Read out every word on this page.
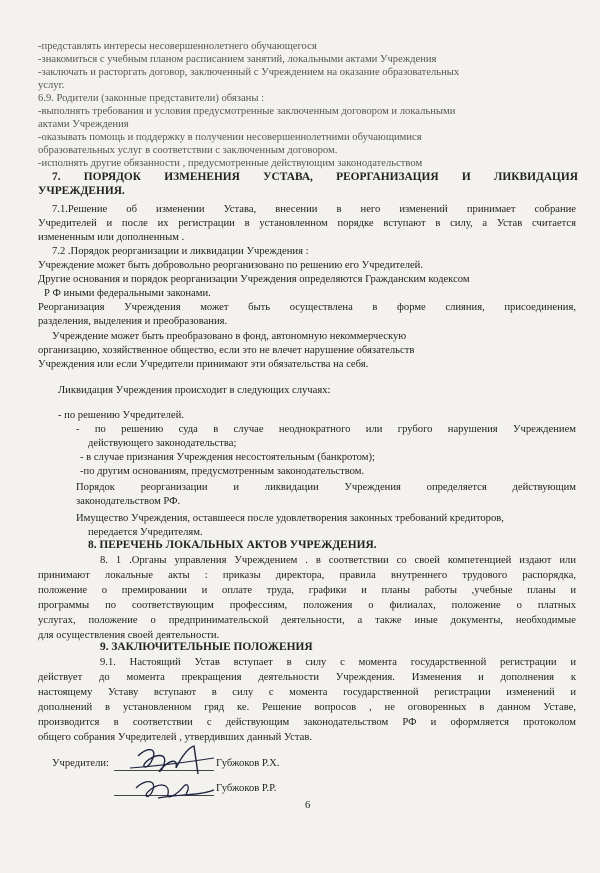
-представлять интересы несовершеннолетнего обучающегося
-знакомиться с учебным планом расписанием занятий, локальными актами Учреждения
-заключать и расторгать договор, заключенный с Учреждением на оказание образовательных
услуг.
6.9. Родители (законные представители) обязаны :
-выполнять требования и условия предусмотренные заключенным договором и локальными
актами Учреждения
-оказывать помощь и поддержку в получении несовершеннолетними обучающимися
образовательных услуг в соответствии с заключенным договором.
-исполнять другие обязанности , предусмотренные действующим законодательством
7. ПОРЯДОК ИЗМЕНЕНИЯ УСТАВА, РЕОРГАНИЗАЦИЯ И ЛИКВИДАЦИЯ
УЧРЕЖДЕНИЯ.
7.1.Решение об изменении Устава, внесении в него изменений принимает собрание
Учредителей и после их регистрации в установленном порядке вступают в силу, а Устав считается
измененным или дополненным .
7.2 .Порядок реорганизации и ликвидации Учреждения :
Учреждение может быть добровольно реорганизовано по решению его Учредителей.
Другие основания и порядок реорганизации Учреждения определяются Гражданским кодексом
Р Ф иными федеральными законами.
Реорганизация Учреждения может быть осуществлена в форме слияния, присоединения,
разделения, выделения и преобразования.
Учреждение может быть преобразовано в фонд, автономную некоммерческую
организацию, хозяйственное общество, если это не влечет нарушение обязательств
Учреждения или если Учредители принимают эти обязательства на себя.
Ликвидация Учреждения происходит в следующих случаях:
- по решению Учредителей.
- по решению суда в случае неоднократного или грубого нарушения Учреждением
действующего законодательства;
- в случае признания Учреждения несостоятельным (банкротом);
-по другим основаниям, предусмотренным законодательством.
Порядок реорганизации и ликвидации Учреждения определяется действующим
законодательством РФ.
Имущество Учреждения, оставшееся после удовлетворения законных требований кредиторов,
передается Учредителям.
8. ПЕРЕЧЕНЬ ЛОКАЛЬНЫХ АКТОВ УЧРЕЖДЕНИЯ.
8. 1 .Органы управления Учреждением . в соответствии со своей компетенцией издают или
принимают локальные акты : приказы директора, правила внутреннего трудового распорядка,
положение о премировании и оплате труда, графики и планы работы ,учебные планы и
программы по соответствующим профессиям, положения о филиалах, положение о платных
услугах, положение о предпринимательской деятельности, а также иные документы, необходимые
для осуществления своей деятельности.
9. ЗАКЛЮЧИТЕЛЬНЫЕ ПОЛОЖЕНИЯ
9.1. Настоящий Устав вступает в силу с момента государственной регистрации и
действует до момента прекращения деятельности Учреждения. Изменения и дополнения к
настоящему Уставу вступают в силу с момента государственной регистрации изменений и
дополнений в установленном гряд ке. Решение вопросов , не оговоренных в данном Уставе,
производится в соответствии с действующим законодательством РФ и оформляется протоколом
общего собрания Учредителей , утвердивших данный Устав.
Учредители:	Губжоков Р.Х.
Губжоков Р.Р.
6
